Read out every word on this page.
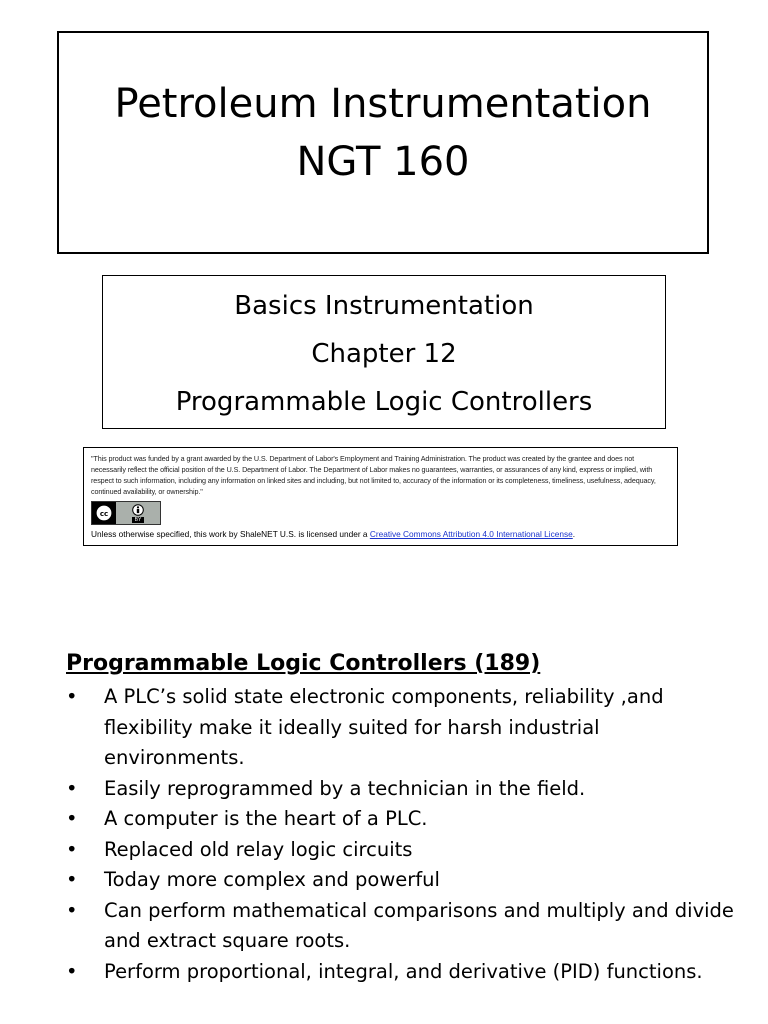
Petroleum Instrumentation
NGT 160
Basics Instrumentation
Chapter 12
Programmable Logic Controllers

"This product was funded by a grant awarded by the U.S. Department of Labor's Employment and Training Administration. The product was created by the grantee and does not necessarily reflect the official position of the U.S. Department of Labor. The Department of Labor makes no guarantees, warranties, or assurances of any kind, express or implied, with respect to such information, including any information on linked sites and including, but not limited to, accuracy of the information or its completeness, timeliness, usefulness, adequacy, continued availability, or ownership."

cc
BY
Unless otherwise specified, this work by ShaleNET U.S. is licensed under a Creative Commons Attribution 4.0 International License.
Programmable Logic Controllers (189)
• A PLC’s solid state electronic components, reliability ,and flexibility make it ideally suited for harsh industrial environments.
• Easily reprogrammed by a technician in the field.
• A computer is the heart of a PLC.
• Replaced old relay logic circuits
• Today more complex and powerful
• Can perform mathematical comparisons and multiply and divide and extract square roots.
• Perform proportional, integral, and derivative (PID) functions.
